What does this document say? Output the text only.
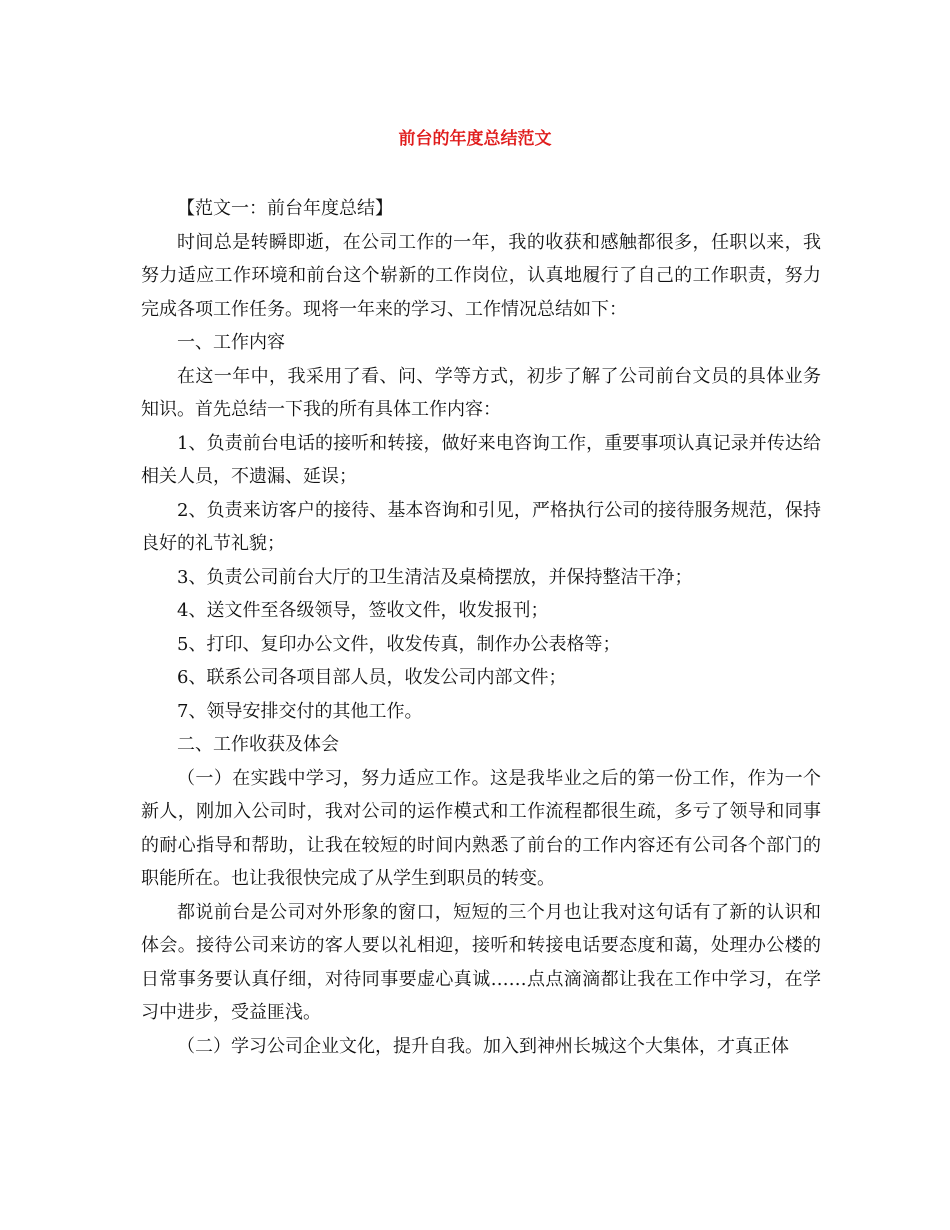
前台的年度总结范文

【范文一：前台年度总结】

时间总是转瞬即逝，在公司工作的一年，我的收获和感触都很多，任职以来，我努力适应工作环境和前台这个崭新的工作岗位，认真地履行了自己的工作职责，努力完成各项工作任务。现将一年来的学习、工作情况总结如下：

一、工作内容

在这一年中，我采用了看、问、学等方式，初步了解了公司前台文员的具体业务知识。首先总结一下我的所有具体工作内容：

1、负责前台电话的接听和转接，做好来电咨询工作，重要事项认真记录并传达给相关人员，不遗漏、延误；

2、负责来访客户的接待、基本咨询和引见，严格执行公司的接待服务规范，保持良好的礼节礼貌；

3、负责公司前台大厅的卫生清洁及桌椅摆放，并保持整洁干净；

4、送文件至各级领导，签收文件，收发报刊；

5、打印、复印办公文件，收发传真，制作办公表格等；

6、联系公司各项目部人员，收发公司内部文件；

7、领导安排交付的其他工作。

二、工作收获及体会

（一）在实践中学习，努力适应工作。这是我毕业之后的第一份工作，作为一个新人，刚加入公司时，我对公司的运作模式和工作流程都很生疏，多亏了领导和同事的耐心指导和帮助，让我在较短的时间内熟悉了前台的工作内容还有公司各个部门的职能所在。也让我很快完成了从学生到职员的转变。

都说前台是公司对外形象的窗口，短短的三个月也让我对这句话有了新的认识和体会。接待公司来访的客人要以礼相迎，接听和转接电话要态度和蔼，处理办公楼的日常事务要认真仔细，对待同事要虚心真诚……点点滴滴都让我在工作中学习，在学习中进步，受益匪浅。

（二）学习公司企业文化，提升自我。加入到神州长城这个大集体，才真正体
